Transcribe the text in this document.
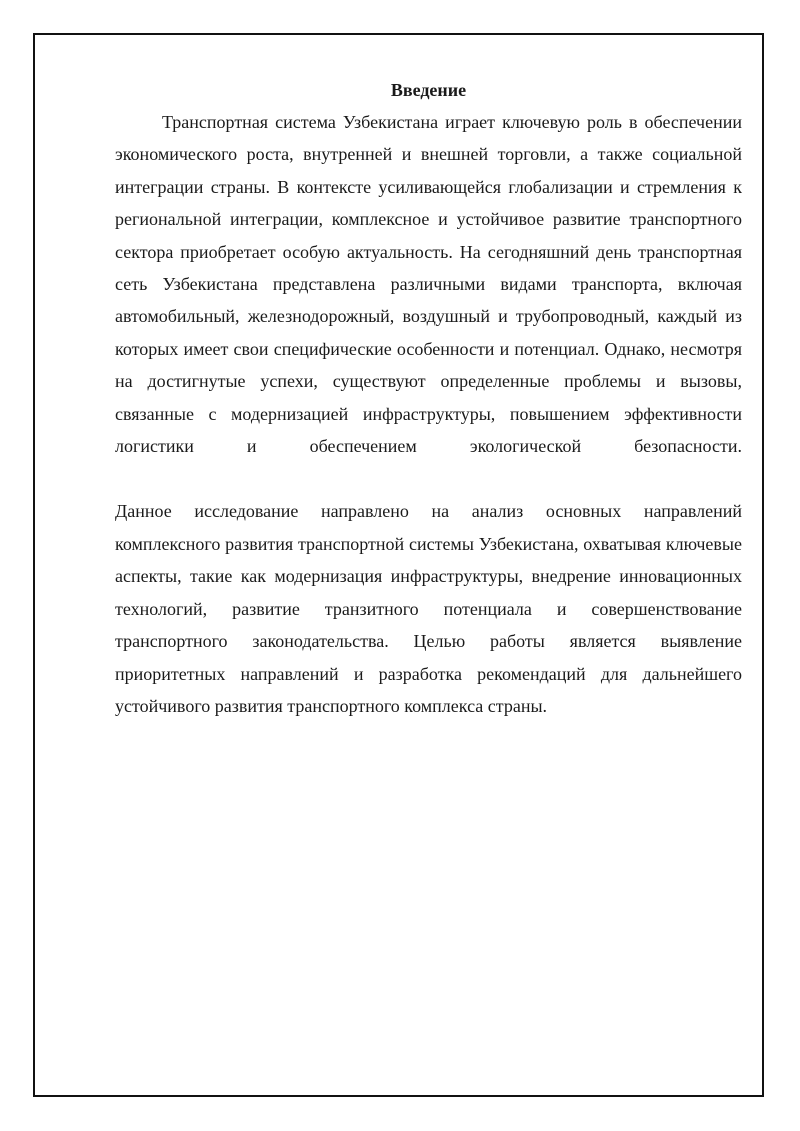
Введение

Транспортная система Узбекистана играет ключевую роль в обеспечении экономического роста, внутренней и внешней торговли, а также социальной интеграции страны. В контексте усиливающейся глобализации и стремления к региональной интеграции, комплексное и устойчивое развитие транспортного сектора приобретает особую актуальность. На сегодняшний день транспортная сеть Узбекистана представлена различными видами транспорта, включая автомобильный, железнодорожный, воздушный и трубопроводный, каждый из которых имеет свои специфические особенности и потенциал. Однако, несмотря на достигнутые успехи, существуют определенные проблемы и вызовы, связанные с модернизацией инфраструктуры, повышением эффективности логистики и обеспечением экологической безопасности.

Данное исследование направлено на анализ основных направлений комплексного развития транспортной системы Узбекистана, охватывая ключевые аспекты, такие как модернизация инфраструктуры, внедрение инновационных технологий, развитие транзитного потенциала и совершенствование транспортного законодательства. Целью работы является выявление приоритетных направлений и разработка рекомендаций для дальнейшего устойчивого развития транспортного комплекса страны.
